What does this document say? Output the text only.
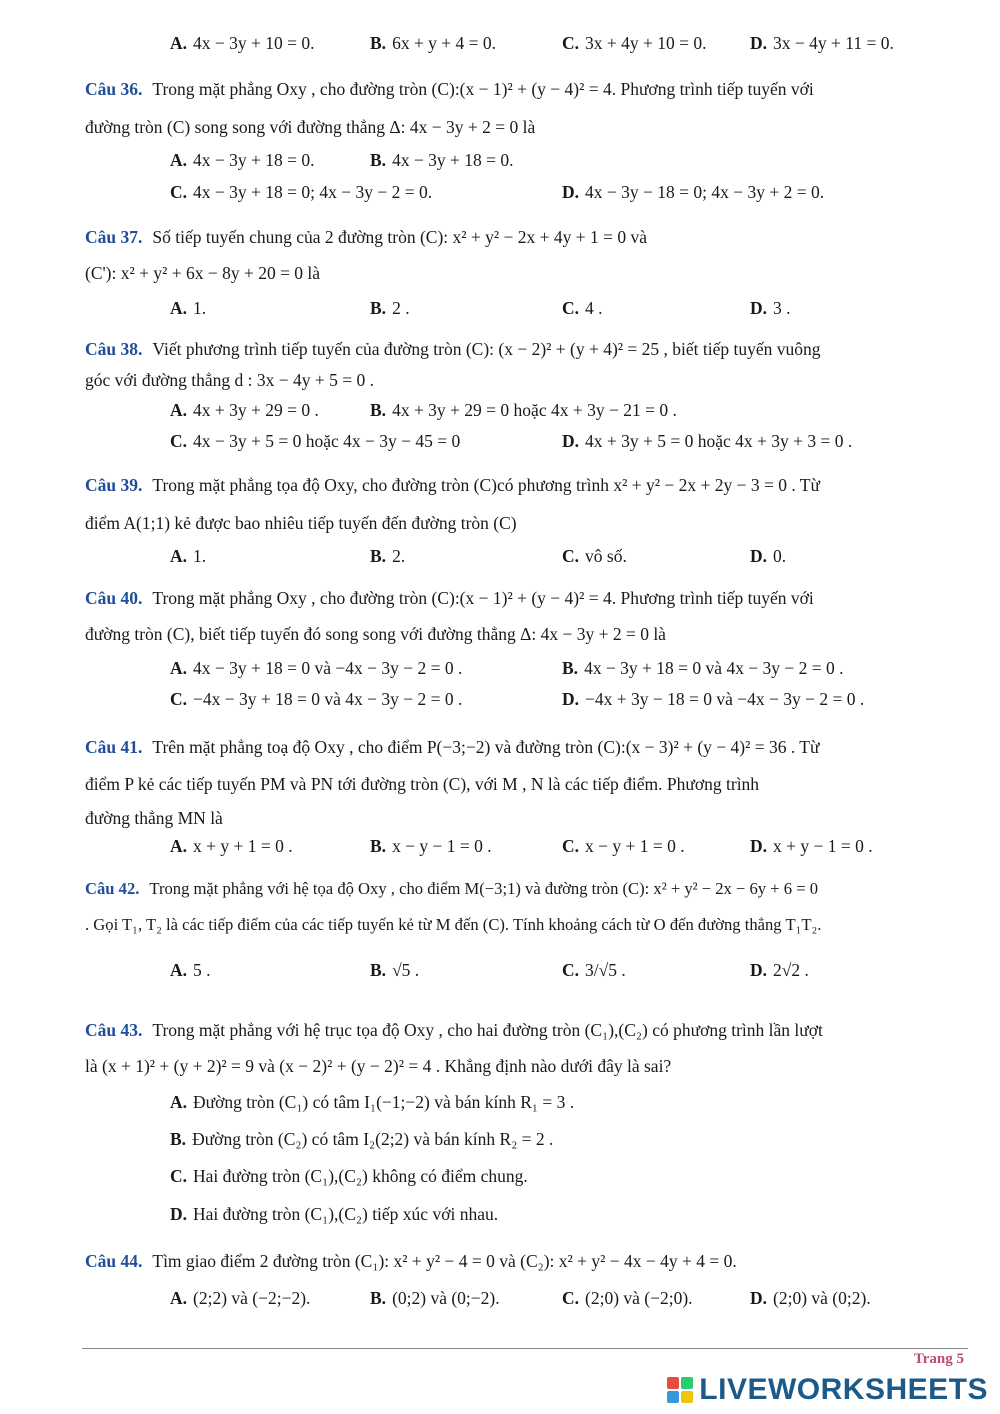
A. 4x − 3y + 10 = 0.	B. 6x + y + 4 = 0.	C. 3x + 4y + 10 = 0. D. 3x − 4y + 11 = 0.
Câu 36. Trong mặt phẳng Oxy , cho đường tròn (C):(x − 1)² + (y − 4)² = 4. Phương trình tiếp tuyến với
đường tròn (C) song song với đường thẳng Δ: 4x − 3y + 2 = 0 là
A. 4x − 3y + 18 = 0.	B. 4x − 3y + 18 = 0.
C. 4x − 3y + 18 = 0; 4x − 3y − 2 = 0.	D. 4x − 3y − 18 = 0; 4x − 3y + 2 = 0.
Câu 37. Số tiếp tuyến chung của 2 đường tròn (C): x² + y² − 2x + 4y + 1 = 0 và
(C'): x² + y² + 6x − 8y + 20 = 0 là
A. 1.	B. 2 .	C. 4 .	D. 3 .
Câu 38. Viết phương trình tiếp tuyến của đường tròn (C): (x − 2)² + (y + 4)² = 25 , biết tiếp tuyến vuông
góc với đường thẳng d : 3x − 4y + 5 = 0 .
A. 4x + 3y + 29 = 0 .	B. 4x + 3y + 29 = 0 hoặc 4x + 3y − 21 = 0 .
C. 4x − 3y + 5 = 0 hoặc 4x − 3y − 45 = 0	D. 4x + 3y + 5 = 0 hoặc 4x + 3y + 3 = 0 .
Câu 39. Trong mặt phẳng tọa độ Oxy, cho đường tròn (C)có phương trình x² + y² − 2x + 2y − 3 = 0 . Từ
điểm A(1;1) kẻ được bao nhiêu tiếp tuyến đến đường tròn (C)
A. 1.	B. 2.	C. vô số.	D. 0.
Câu 40. Trong mặt phẳng Oxy , cho đường tròn (C):(x − 1)² + (y − 4)² = 4. Phương trình tiếp tuyến với
đường tròn (C), biết tiếp tuyến đó song song với đường thẳng Δ: 4x − 3y + 2 = 0 là
A. 4x − 3y + 18 = 0 và −4x − 3y − 2 = 0 .	B. 4x − 3y + 18 = 0 và 4x − 3y − 2 = 0 .
C. −4x − 3y + 18 = 0 và 4x − 3y − 2 = 0 .	D. −4x + 3y − 18 = 0 và −4x − 3y − 2 = 0 .
Câu 41. Trên mặt phẳng toạ độ Oxy , cho điểm P(−3;−2) và đường tròn (C):(x − 3)² + (y − 4)² = 36 . Từ
điểm P kẻ các tiếp tuyến PM và PN tới đường tròn (C), với M , N là các tiếp điểm. Phương trình
đường thẳng MN là
A. x + y + 1 = 0 .	B. x − y − 1 = 0 .	C. x − y + 1 = 0 .	D. x + y − 1 = 0 .
Câu 42. Trong mặt phẳng với hệ tọa độ Oxy , cho điểm M(−3;1) và đường tròn (C): x² + y² − 2x − 6y + 6 = 0
. Gọi T₁, T₂ là các tiếp điểm của các tiếp tuyến kẻ từ M đến (C). Tính khoảng cách từ O đến đường thẳng T₁T₂.
A. 5 .	B. √5 .	C. 3/√5 .	D. 2√2 .
Câu 43. Trong mặt phẳng với hệ trục tọa độ Oxy , cho hai đường tròn (C₁),(C₂) có phương trình lần lượt
là (x + 1)² + (y + 2)² = 9 và (x − 2)² + (y − 2)² = 4 . Khẳng định nào dưới đây là sai?
A. Đường tròn (C₁) có tâm I₁(−1;−2) và bán kính R₁ = 3 .
B. Đường tròn (C₂) có tâm I₂(2;2) và bán kính R₂ = 2 .
C. Hai đường tròn (C₁),(C₂) không có điểm chung.
D. Hai đường tròn (C₁),(C₂) tiếp xúc với nhau.
Câu 44. Tìm giao điểm 2 đường tròn (C₁): x² + y² − 4 = 0 và (C₂): x² + y² − 4x − 4y + 4 = 0.
A. (2;2) và (−2;−2).	B. (0;2) và (0;−2).	C. (2;0) và (−2;0).	D. (2;0) và (0;2).
Trang 5
LIVEWORKSHEETS
